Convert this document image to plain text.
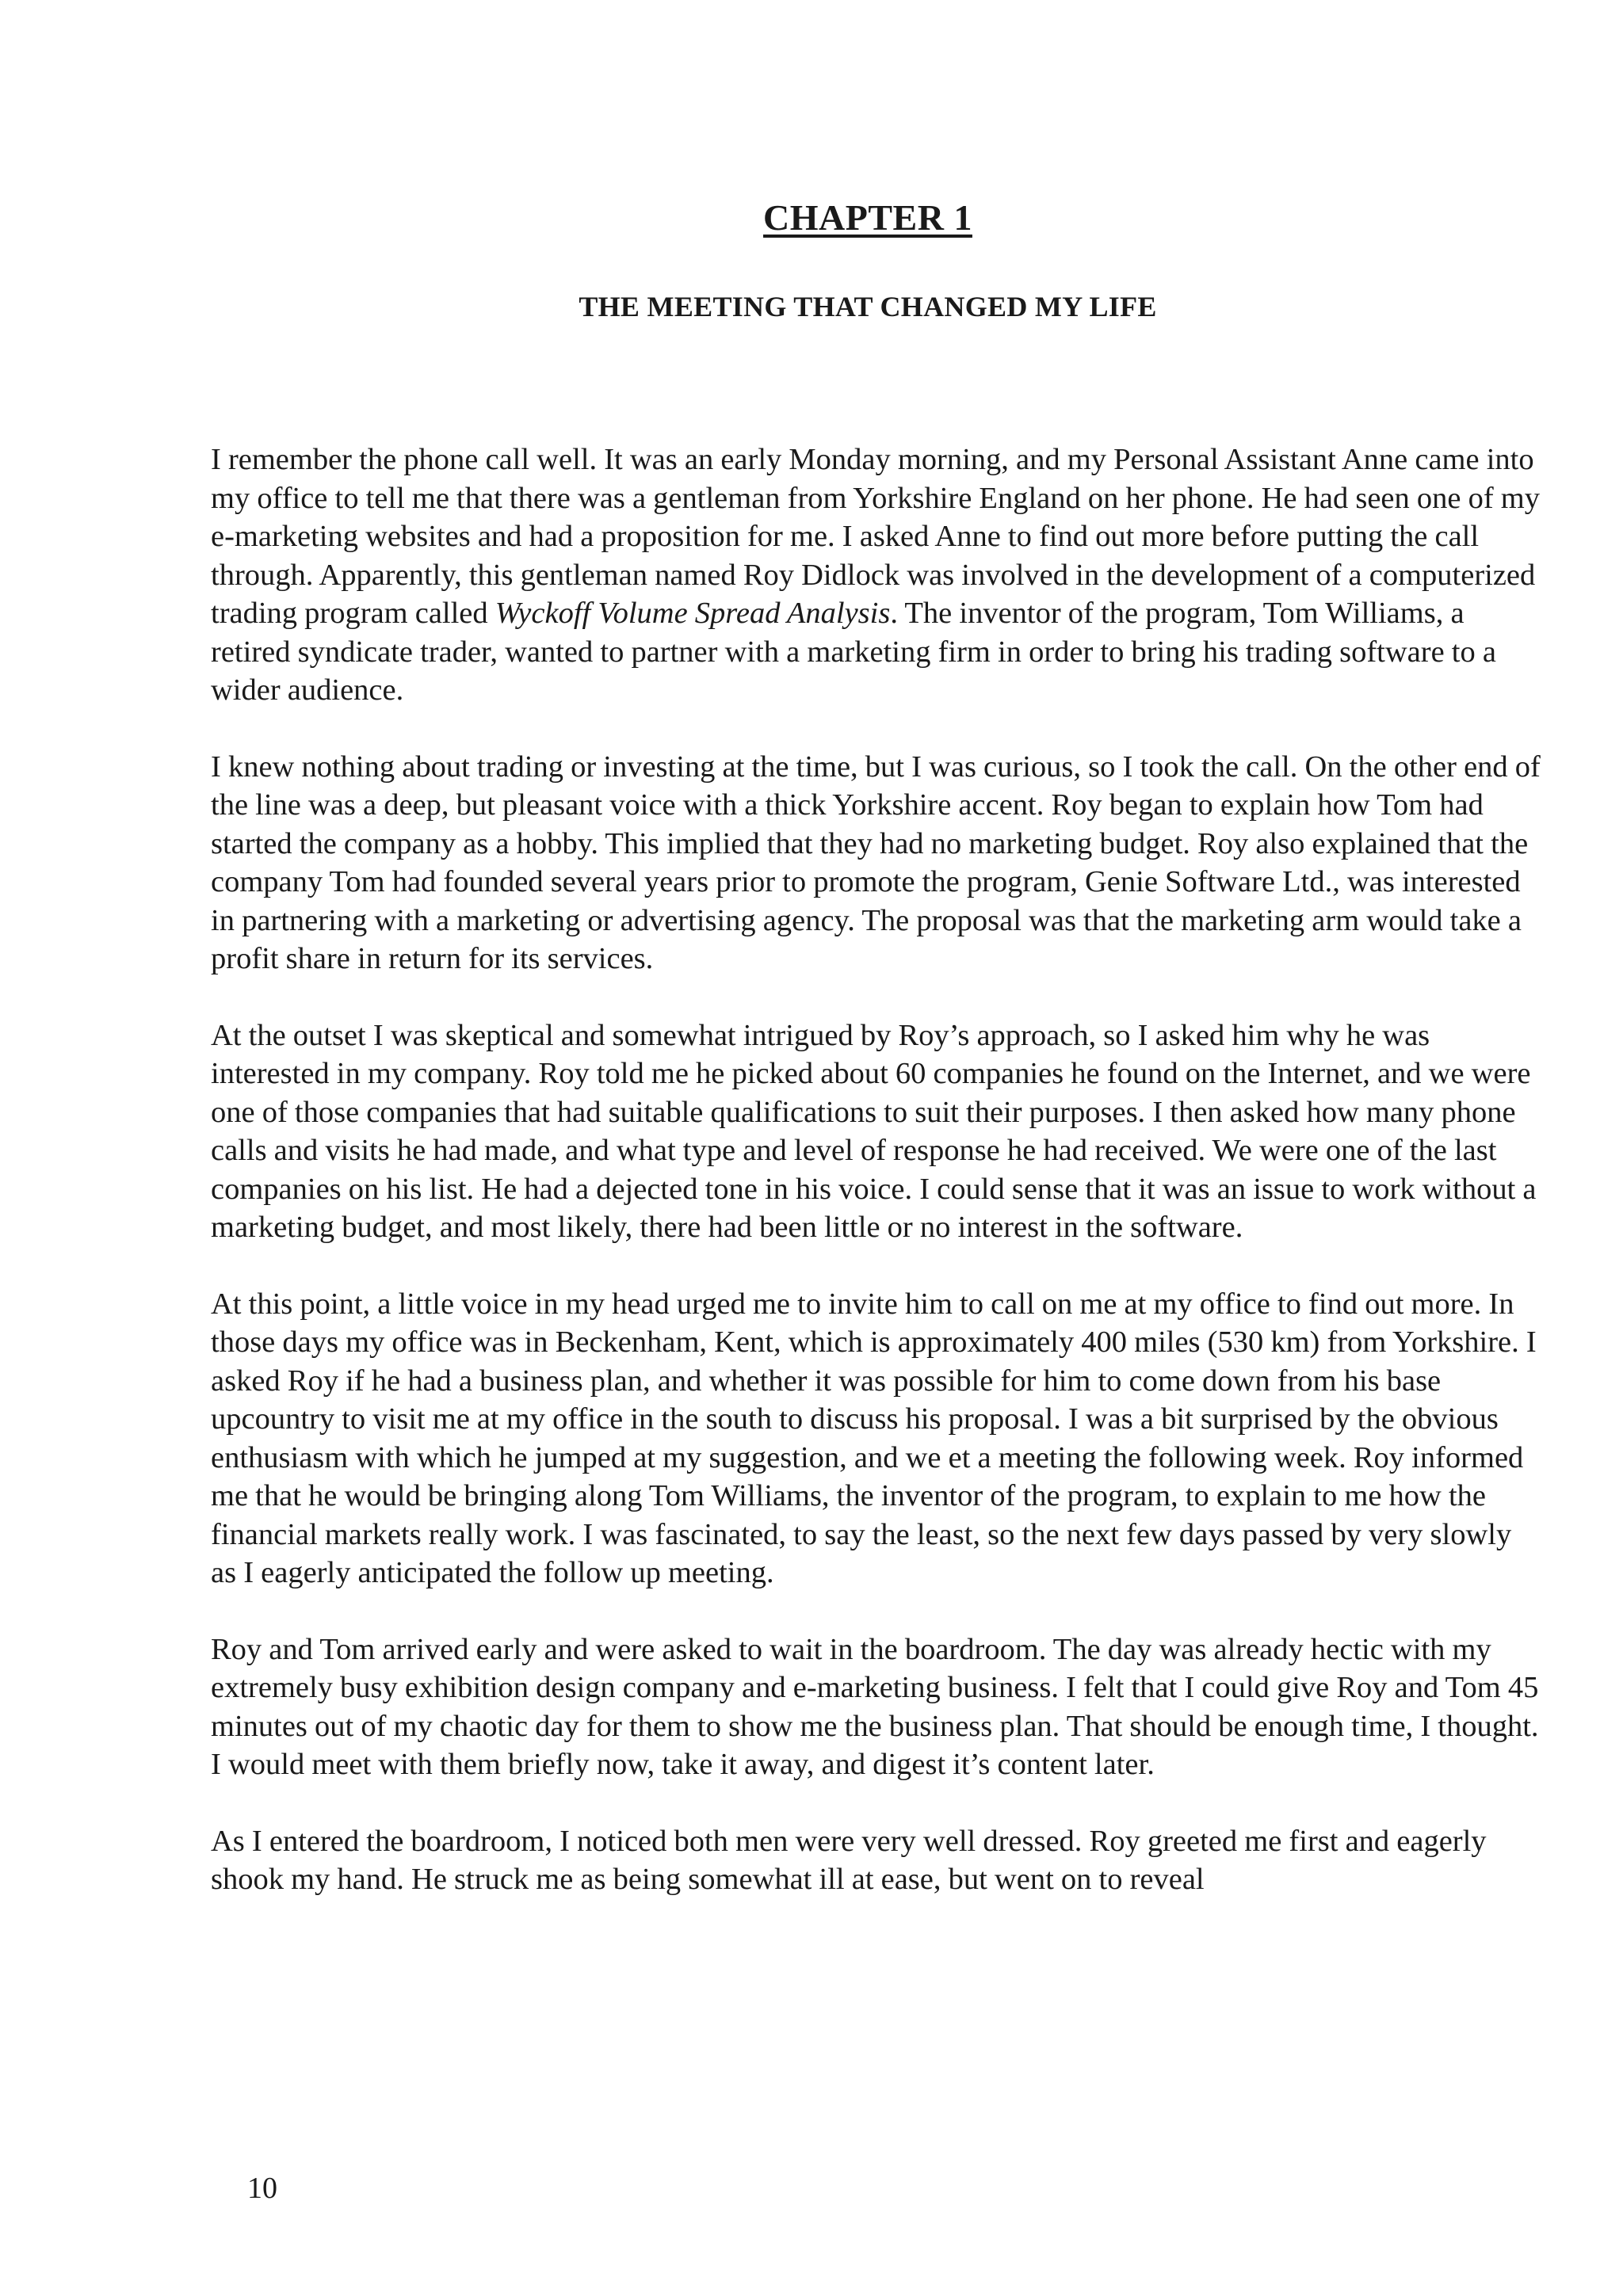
CHAPTER 1
THE MEETING THAT CHANGED MY LIFE

I remember the phone call well. It was an early Monday morning, and my Personal Assistant Anne came into my office to tell me that there was a gentleman from Yorkshire England on her phone. He had seen one of my e-marketing websites and had a proposition for me. I asked Anne to find out more before putting the call through. Apparently, this gentleman named Roy Didlock was involved in the development of a computerized trading program called Wyckoff Volume Spread Analysis. The inventor of the program, Tom Williams, a retired syndicate trader, wanted to partner with a marketing firm in order to bring his trading software to a wider audience.

I knew nothing about trading or investing at the time, but I was curious, so I took the call. On the other end of the line was a deep, but pleasant voice with a thick Yorkshire accent. Roy began to explain how Tom had started the company as a hobby. This implied that they had no marketing budget. Roy also explained that the company Tom had founded several years prior to promote the program, Genie Software Ltd., was interested in partnering with a marketing or advertising agency. The proposal was that the marketing arm would take a profit share in return for its services.

At the outset I was skeptical and somewhat intrigued by Roy’s approach, so I asked him why he was interested in my company. Roy told me he picked about 60 companies he found on the Internet, and we were one of those companies that had suitable qualifications to suit their purposes. I then asked how many phone calls and visits he had made, and what type and level of response he had received. We were one of the last companies on his list. He had a dejected tone in his voice. I could sense that it was an issue to work without a marketing budget, and most likely, there had been little or no interest in the software.

At this point, a little voice in my head urged me to invite him to call on me at my office to find out more. In those days my office was in Beckenham, Kent, which is approximately 400 miles (530 km) from Yorkshire. I asked Roy if he had a business plan, and whether it was possible for him to come down from his base upcountry to visit me at my office in the south to discuss his proposal. I was a bit surprised by the obvious enthusiasm with which he jumped at my suggestion, and we et a meeting the following week. Roy informed me that he would be bringing along Tom Williams, the inventor of the program, to explain to me how the financial markets really work. I was fascinated, to say the least, so the next few days passed by very slowly as I eagerly anticipated the follow up meeting.

Roy and Tom arrived early and were asked to wait in the boardroom. The day was already hectic with my extremely busy exhibition design company and e-marketing business. I felt that I could give Roy and Tom 45 minutes out of my chaotic day for them to show me the business plan. That should be enough time, I thought. I would meet with them briefly now, take it away, and digest it’s content later.

As I entered the boardroom, I noticed both men were very well dressed. Roy greeted me first and eagerly shook my hand. He struck me as being somewhat ill at ease, but went on to reveal

10
